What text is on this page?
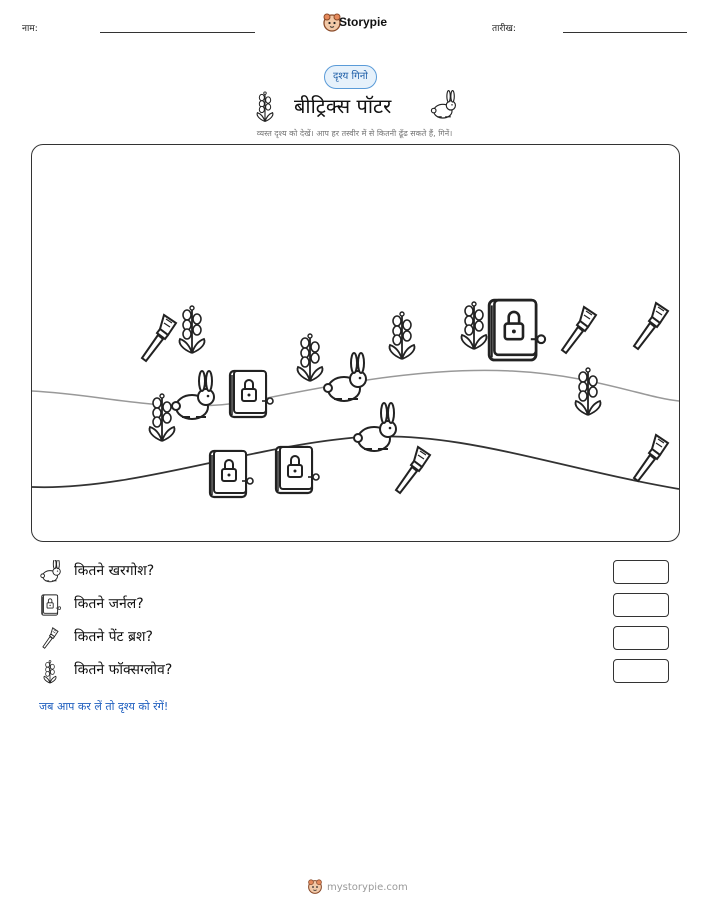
नाम:	Storypie	तारीख:
दृश्य गिनो
बीट्रिक्स पॉटर
व्यस्त दृश्य को देखें। आप हर तस्वीर में से कितनी ढूँढ सकते हैं, गिनें।
कितने खरगोश?
कितने जर्नल?
कितने पेंट ब्रश?
कितने फॉक्सग्लोव?
जब आप कर लें तो दृश्य को रंगें!
mystorypie.com
